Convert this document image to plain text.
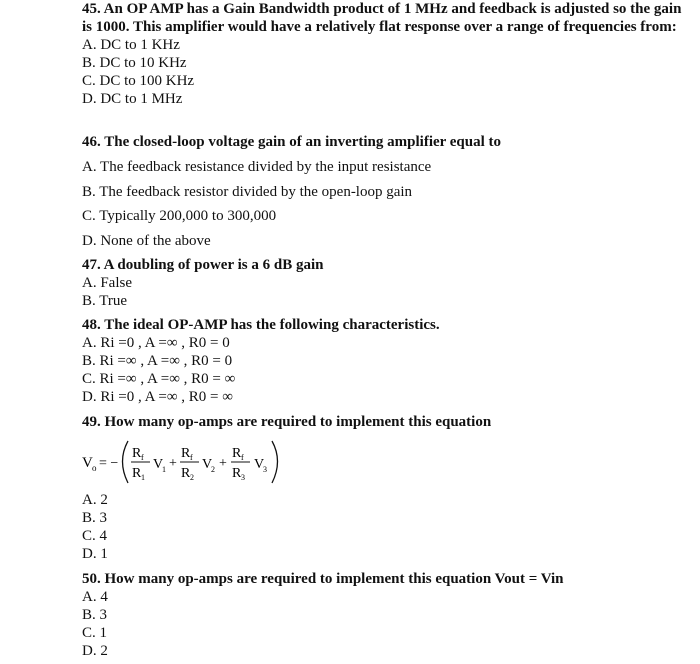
45. An OP AMP has a Gain Bandwidth product of 1 MHz and feedback is adjusted so the gain is 1000. This amplifier would have a relatively flat response over a range of frequencies from:
A. DC to 1 KHz
B. DC to 10 KHz
C. DC to 100 KHz
D. DC to 1 MHz
46. The closed-loop voltage gain of an inverting amplifier equal to
A. The feedback resistance divided by the input resistance
B. The feedback resistor divided by the open-loop gain
C. Typically 200,000 to 300,000
D. None of the above
47. A doubling of power is a 6 dB gain
A. False
B. True
48. The ideal OP-AMP has the following characteristics.
A. Ri =0 , A =∞ , R0 = 0
B. Ri =∞ , A =∞ , R0 = 0
C. Ri =∞ , A =∞ , R0 = ∞
D. Ri =0 , A =∞ , R0 = ∞
49. How many op-amps are required to implement this equation
V o = −
R f
R 1
V
1 +
R f
R 2
V
2 +
R f
R 3
V
3
A. 2
B. 3
C. 4
D. 1
50. How many op-amps are required to implement this equation Vout = Vin
A. 4
B. 3
C. 1
D. 2
